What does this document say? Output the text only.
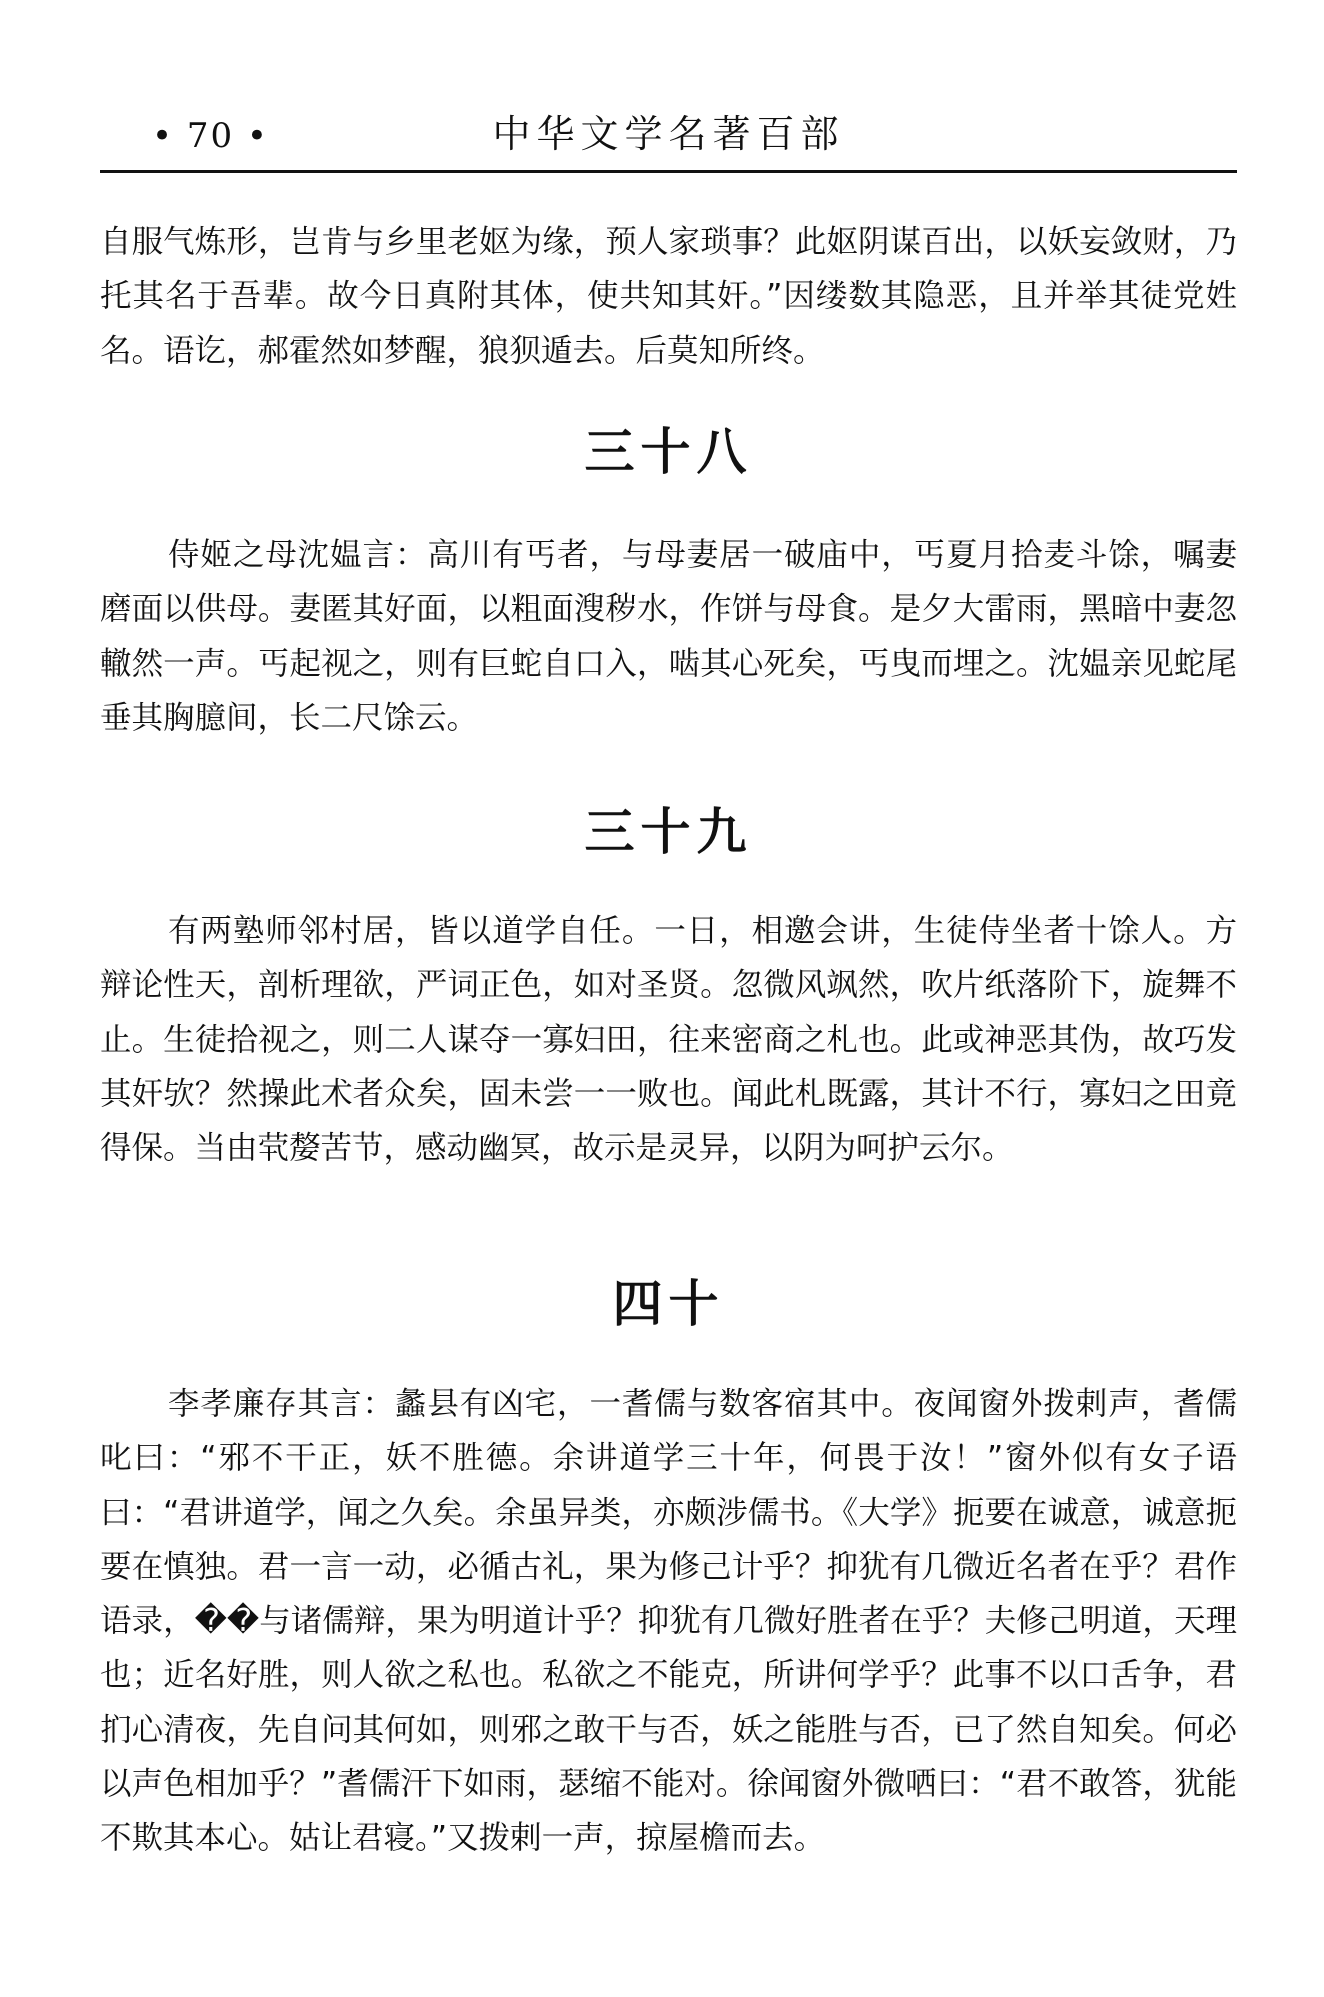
• 70 •	中华文学名著百部

自服气炼形，岂肯与乡里老妪为缘，预人家琐事？此妪阴谋百出，以妖妄敛财，乃托其名于吾辈。故今日真附其体，使共知其奸。”因缕数其隐恶，且并举其徒党姓名。语讫，郝霍然如梦醒，狼狈遁去。后莫知所终。

三十八

侍姬之母沈媪言：高川有丐者，与母妻居一破庙中，丐夏月拾麦斗馀，嘱妻磨面以供母。妻匿其好面，以粗面溲秽水，作饼与母食。是夕大雷雨，黑暗中妻忽轍然一声。丐起视之，则有巨蛇自口入，啮其心死矣，丐曳而埋之。沈媪亲见蛇尾垂其胸臆间，长二尺馀云。

三十九

有两塾师邻村居，皆以道学自任。一日，相邀会讲，生徒侍坐者十馀人。方辩论性天，剖析理欲，严词正色，如对圣贤。忽微风飒然，吹片纸落阶下，旋舞不止。生徒拾视之，则二人谋夺一寡妇田，往来密商之札也。此或神恶其伪，故巧发其奸欤？然操此术者众矣，固未尝一一败也。闻此札既露，其计不行，寡妇之田竟得保。当由茕嫠苦节，感动幽冥，故示是灵异，以阴为呵护云尔。

四十

李孝廉存其言：蠡县有凶宅，一耆儒与数客宿其中。夜闻窗外拨剌声，耆儒叱曰：“邪不干正，妖不胜德。余讲道学三十年，何畏于汝！”窗外似有女子语曰：“君讲道学，闻之久矣。余虽异类，亦颇涉儒书。《大学》扼要在诚意，诚意扼要在慎独。君一言一动，必循古礼，果为修己计乎？抑犹有几微近名者在乎？君作语录，��与诸儒辩，果为明道计乎？抑犹有几微好胜者在乎？夫修己明道，天理也；近名好胜，则人欲之私也。私欲之不能克，所讲何学乎？此事不以口舌争，君扪心清夜，先自问其何如，则邪之敢干与否，妖之能胜与否，已了然自知矣。何必以声色相加乎？”耆儒汗下如雨，瑟缩不能对。徐闻窗外微哂曰：“君不敢答，犹能不欺其本心。姑让君寝。”又拨剌一声，掠屋檐而去。
